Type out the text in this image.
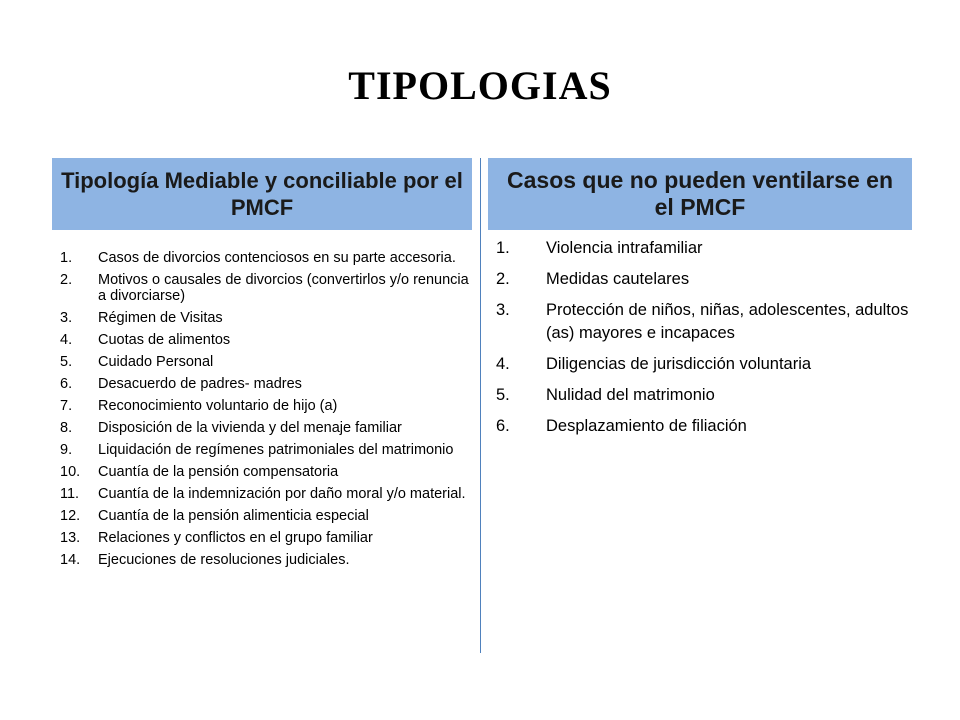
TIPOLOGIAS
Tipología Mediable y conciliable por el PMCF
Casos que no pueden ventilarse en el PMCF
1.	Casos de divorcios contenciosos en su parte accesoria.
2.	Motivos o causales de divorcios (convertirlos y/o renuncia a divorciarse)
3.	Régimen de Visitas
4.	Cuotas de alimentos
5.	Cuidado Personal
6.	Desacuerdo de padres- madres
7.	Reconocimiento voluntario de hijo (a)
8.	Disposición de la vivienda y del menaje familiar
9.	Liquidación de regímenes patrimoniales del matrimonio
10.	Cuantía de la pensión compensatoria
11.	Cuantía de la indemnización por daño moral y/o material.
12.	Cuantía de la pensión alimenticia especial
13.	Relaciones y conflictos en el grupo familiar
14.	Ejecuciones de resoluciones judiciales.
1.	Violencia intrafamiliar
2.	Medidas cautelares
3.	Protección de niños, niñas, adolescentes, adultos (as) mayores e incapaces
4.	Diligencias de jurisdicción voluntaria
5.	Nulidad del matrimonio
6.	Desplazamiento de filiación
